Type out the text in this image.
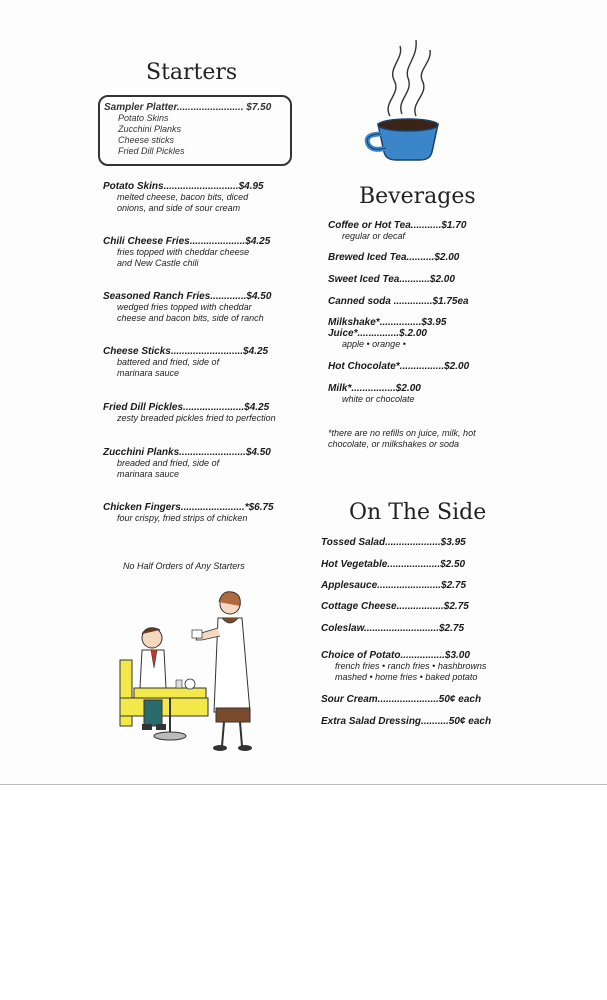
Starters
Sampler Platter........................ $7.50
Potato Skins
Zucchini Planks
Cheese sticks
Fried Dill Pickles
Potato Skins...........................$4.95
melted cheese, bacon bits, diced
onions, and side of sour cream
Chili Cheese Fries....................$4.25
fries topped with cheddar cheese
and New Castle chili
Seasoned Ranch Fries.............$4.50
wedged fries topped with cheddar
cheese and bacon bits, side of ranch
Cheese Sticks..........................$4.25
battered and fried, side of
marinara sauce
Fried Dill Pickles......................$4.25
zesty breaded pickles fried to perfection
Zucchini Planks........................$4.50
breaded and fried, side of
marinara sauce
Chicken Fingers.......................*$6.75
four crispy, fried strips of chicken
No Half Orders of Any Starters
Beverages
Coffee or Hot Tea...........$1.70
regular or decaf
Brewed Iced Tea..........$2.00
Sweet Iced Tea...........$2.00
Canned soda ..............$1.75ea
Milkshake*...............$3.95
Juice*...............$.2.00
apple • orange •
Hot Chocolate*................$2.00
Milk*................$2.00
white or chocolate
*there are no refills on juice, milk, hot
chocolate, or milkshakes or soda
On The Side
Tossed Salad....................$3.95
Hot Vegetable...................$2.50
Applesauce.......................$2.75
Cottage Cheese.................$2.75
Coleslaw...........................$2.75
Choice of Potato................$3.00
french fries • ranch fries • hashbrowns
mashed • home fries • baked potato
Sour Cream......................50¢ each
Extra Salad Dressing..........50¢ each
